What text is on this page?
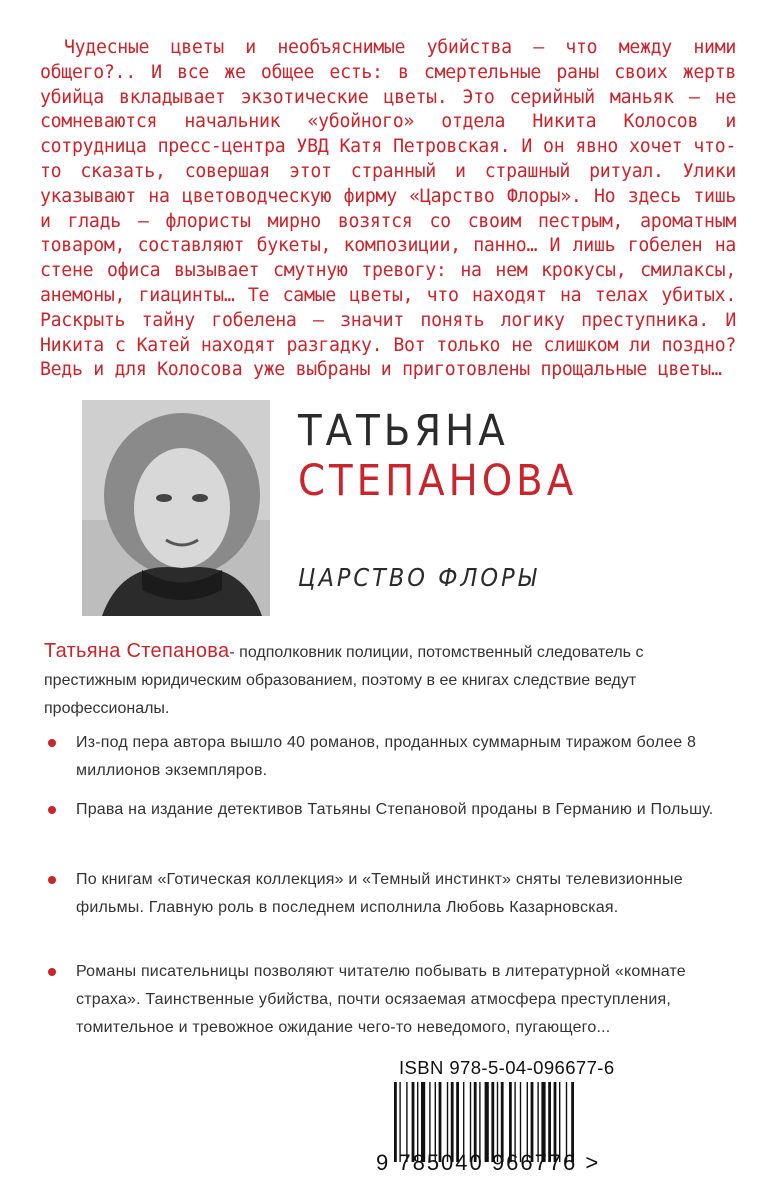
Чудесные цветы и необъяснимые убийства – что между ними общего?.. И все же общее есть: в смертельные раны своих жертв убийца вкладывает экзотические цветы. Это серийный маньяк – не сомневаются начальник «убойного» отдела Никита Колосов и сотрудница пресс-центра УВД Катя Петровская. И он явно хочет что-то сказать, совершая этот странный и страшный ритуал. Улики указывают на цветоводческую фирму «Царство Флоры». Но здесь тишь и гладь – флористы мирно возятся со своим пестрым, ароматным товаром, составляют букеты, композиции, панно… И лишь гобелен на стене офиса вызывает смутную тревогу: на нем крокусы, смилаксы, анемоны, гиацинты… Те самые цветы, что находят на телах убитых. Раскрыть тайну гобелена – значит понять логику преступника. И Никита с Катей находят разгадку. Вот только не слишком ли поздно? Ведь и для Колосова уже выбраны и приготовлены прощальные цветы…

ТАТЬЯНА
СТЕПАНОВА
ЦАРСТВО ФЛОРЫ
Татьяна Степанова- подполковник полиции, потомственный следователь с престижным юридическим образованием, поэтому в ее книгах следствие ведут профессионалы.
Из-под пера автора вышло 40 романов, проданных суммарным тиражом более 8 миллионов экземпляров.
Права на издание детективов Татьяны Степановой проданы в Германию и Польшу.
По книгам «Готическая коллекция» и «Темный инстинкт» сняты телевизионные фильмы. Главную роль в последнем исполнила Любовь Казарновская.
Романы писательницы позволяют читателю побывать в литературной «комнате страха». Таинственные убийства, почти осязаемая атмосфера преступления, томительное и тревожное ожидание чего-то неведомого, пугающего...
ISBN 978-5-04-096677-6
9 785040 966776 >
